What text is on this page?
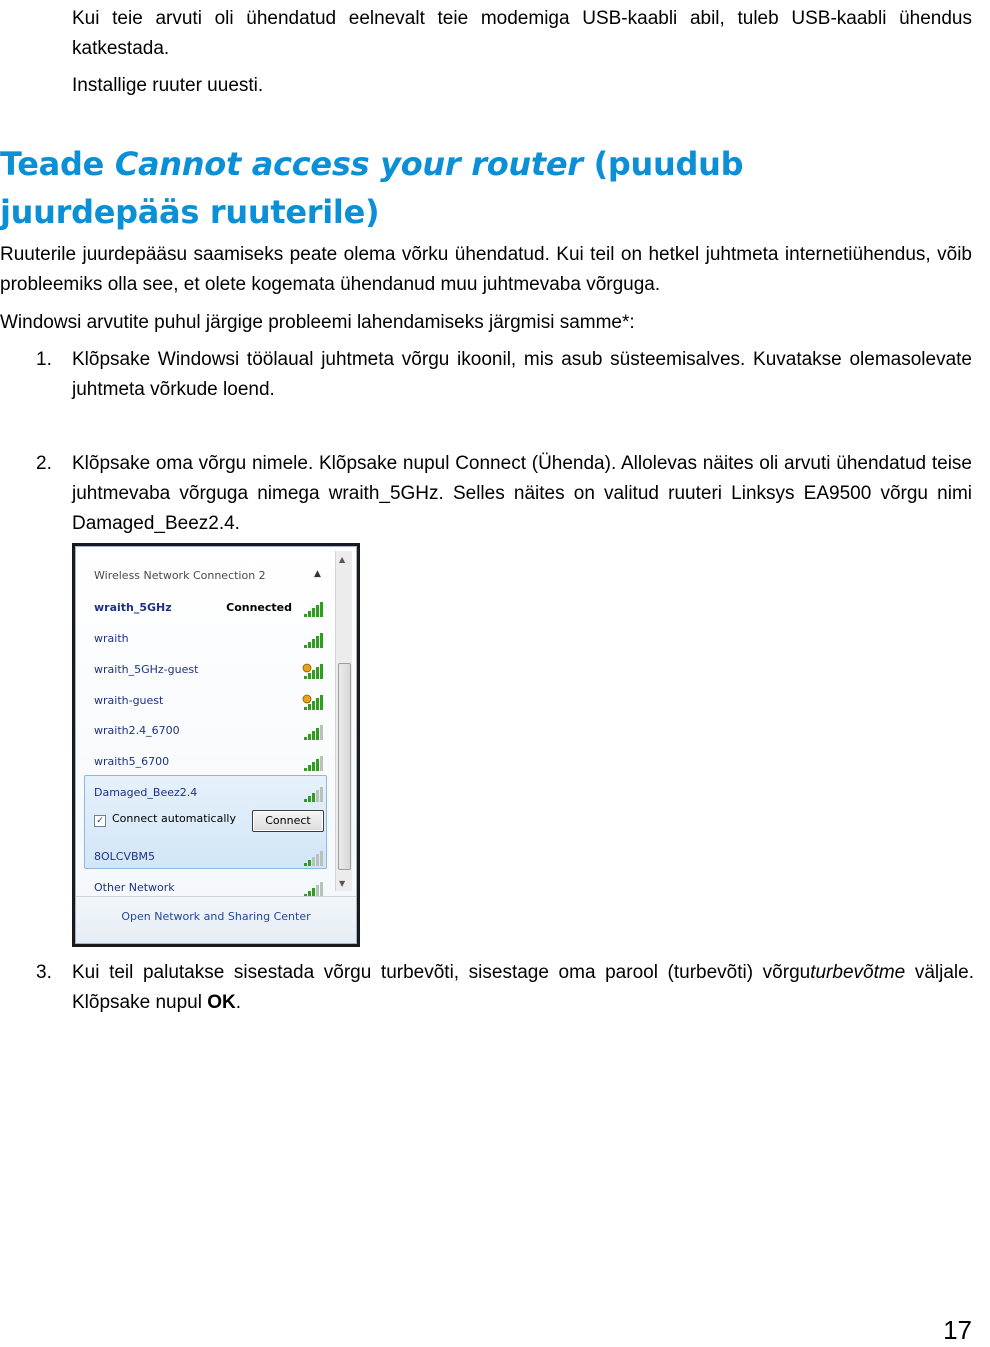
Kui teie arvuti oli ühendatud eelnevalt teie modemiga USB-kaabli abil, tuleb USB-kaabli ühendus katkestada.

Installige ruuter uuesti.

Teade Cannot access your router (puudub juurdepääs ruuterile)

Ruuterile juurdepääsu saamiseks peate olema võrku ühendatud. Kui teil on hetkel juhtmeta internetiühendus, võib probleemiks olla see, et olete kogemata ühendanud muu juhtmevaba võrguga.

Windowsi arvutite puhul järgige probleemi lahendamiseks järgmisi samme*:

1. Klõpsake Windowsi töölaual juhtmeta võrgu ikoonil, mis asub süsteemisalves. Kuvatakse olemasolevate juhtmeta võrkude loend.

2. Klõpsake oma võrgu nimele. Klõpsake nupul Connect (Ühenda). Allolevas näites oli arvuti ühendatud teise juhtmevaba võrguga nimega wraith_5GHz. Selles näites on valitud ruuteri Linksys EA9500 võrgu nimi Damaged_Beez2.4.

Wireless Network Connection 2	▲
wraith_5GHz	Connected
wraith
wraith_5GHz-guest
wraith-guest
wraith2.4_6700
wraith5_6700
Damaged_Beez2.4
8OLCVBM5
Other Network
✓ Connect automatically	Connect
▲
▼
Open Network and Sharing Center
3. Kui teil palutakse sisestada võrgu turbevõti, sisestage oma parool (turbevõti) võrguturbevõtme väljale. Klõpsake nupul OK.

17
